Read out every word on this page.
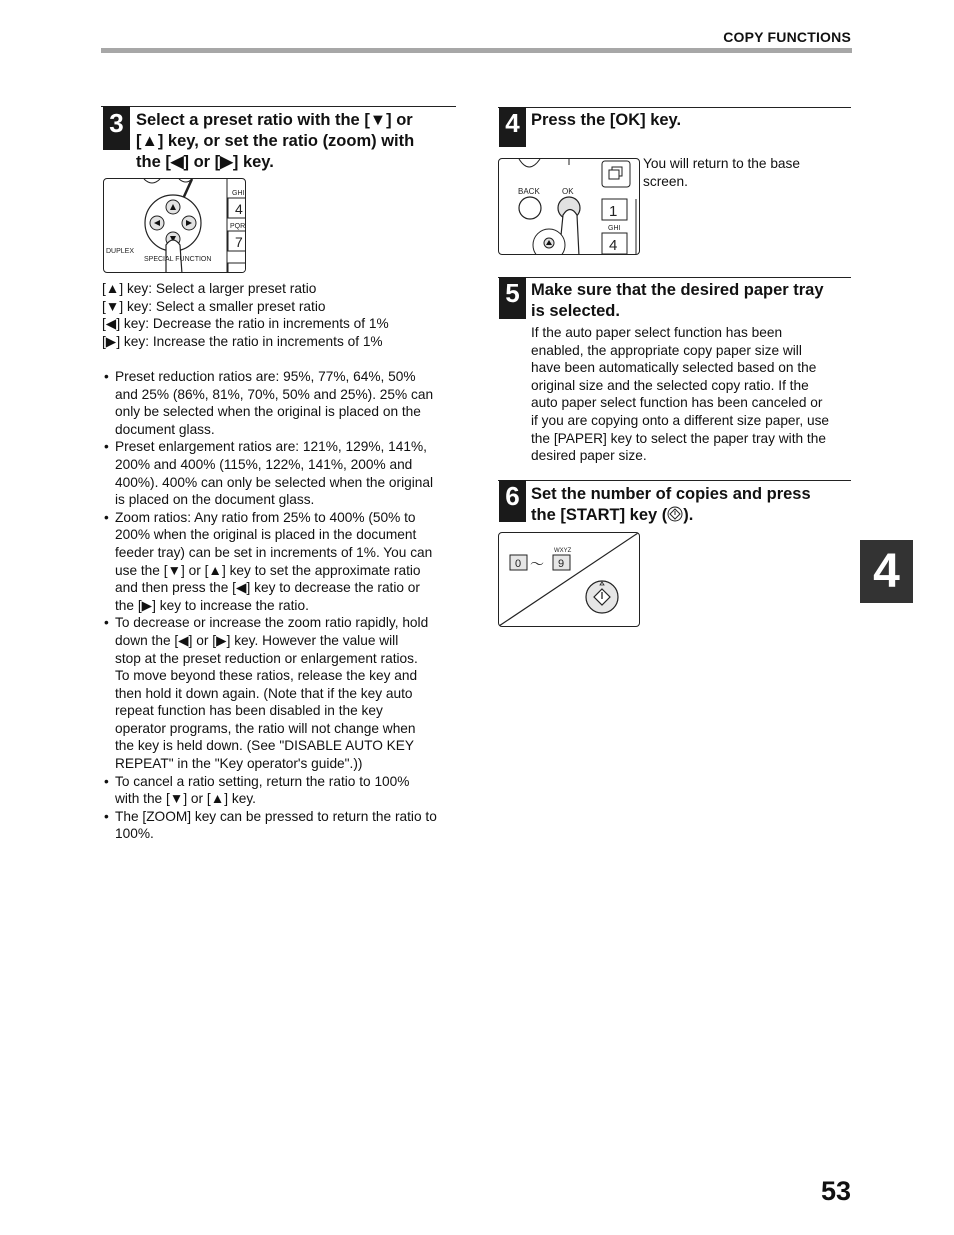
COPY FUNCTIONS
3 Select a preset ratio with the [▼] or
[▲] key, or set the ratio (zoom) with
the [◀] or [▶] key.
GHI
4
PQR
7
DUPLEX
SPECIAL FUNCTION
[▲] key: Select a larger preset ratio
[▼] key: Select a smaller preset ratio
[◀] key: Decrease the ratio in increments of 1%
[▶] key: Increase the ratio in increments of 1%
• Preset reduction ratios are: 95%, 77%, 64%, 50%
and 25% (86%, 81%, 70%, 50% and 25%). 25% can
only be selected when the original is placed on the
document glass.
• Preset enlargement ratios are: 121%, 129%, 141%,
200% and 400% (115%, 122%, 141%, 200% and
400%). 400% can only be selected when the original
is placed on the document glass.
• Zoom ratios: Any ratio from 25% to 400% (50% to
200% when the original is placed in the document
feeder tray) can be set in increments of 1%. You can
use the [▼] or [▲] key to set the approximate ratio
and then press the [◀] key to decrease the ratio or
the [▶] key to increase the ratio.
• To decrease or increase the zoom ratio rapidly, hold
down the [◀] or [▶] key. However the value will
stop at the preset reduction or enlargement ratios.
To move beyond these ratios, release the key and
then hold it down again. (Note that if the key auto
repeat function has been disabled in the key
operator programs, the ratio will not change when
the key is held down. (See "DISABLE AUTO KEY
REPEAT" in the "Key operator's guide".))
• To cancel a ratio setting, return the ratio to 100%
with the [▼] or [▲] key.
• The [ZOOM] key can be pressed to return the ratio to
100%.
4 Press the [OK] key.
BACK	OK
1
GHI
4
You will return to the base screen.
5 Make sure that the desired paper tray
is selected.
If the auto paper select function has been
enabled, the appropriate copy paper size will
have been automatically selected based on the
original size and the selected copy ratio. If the
auto paper select function has been canceled or
if you are copying onto a different size paper, use
the [PAPER] key to select the paper tray with the
desired paper size.
6 Set the number of copies and press
the [START] key ( ).
0 〜
WXYZ
9	4
53
